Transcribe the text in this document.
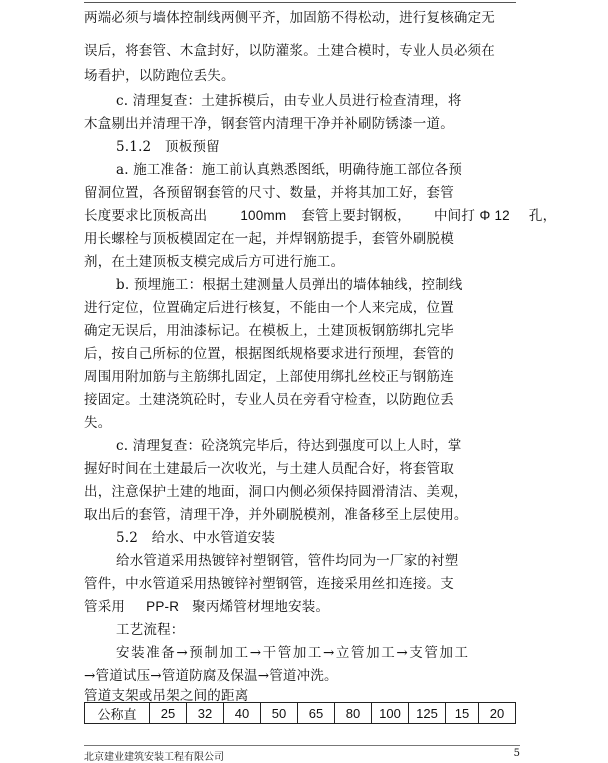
两端必须与墙体控制线两侧平齐，加固筋不得松动，进行复核确定无
误后，将套管、木盒封好，以防灌浆。土建合模时，专业人员必须在
场看护，以防跑位丢失。
c. 清理复查：土建拆模后，由专业人员进行检查清理，将
木盒剔出并清理干净，钢套管内清理干净并补刷防锈漆一道。
5.1.2　顶板预留
a. 施工准备：施工前认真熟悉图纸，明确待施工部位各预
留洞位置，各预留钢套管的尺寸、数量，并将其加工好，套管
长度要求比顶板高出 100mm 套管上要封钢板， 中间打 Φ 12 孔，
用长螺栓与顶板模固定在一起，并焊钢筋提手，套管外刷脱模
剂，在土建顶板支模完成后方可进行施工。
b. 预埋施工：根据土建测量人员弹出的墙体轴线，控制线
进行定位，位置确定后进行核复，不能由一个人来完成，位置
确定无误后，用油漆标记。在模板上，土建顶板钢筋绑扎完毕
后，按自己所标的位置，根据图纸规格要求进行预埋，套管的
周围用附加筋与主筋绑扎固定，上部使用绑扎丝校正与钢筋连
接固定。土建浇筑砼时，专业人员在旁看守检查，以防跑位丢
失。
c. 清理复查：砼浇筑完毕后，待达到强度可以上人时，掌
握好时间在土建最后一次收光，与土建人员配合好，将套管取
出，注意保护土建的地面，洞口内侧必须保持圆滑清洁、美观，
取出后的套管，清理干净，并外刷脱模剂，准备移至上层使用。
5.2　给水、中水管道安装
给水管道采用热镀锌衬塑钢管，管件均同为一厂家的衬塑
管件，中水管道采用热镀锌衬塑钢管，连接采用丝扣连接。支
管采用 PP-R 聚丙烯管材埋地安装。
工艺流程：
安装准备→预制加工→干管加工→立管加工→支管加工
→管道试压→管道防腐及保温→管道冲洗。
管道支架或吊架之间的距离
公称直	25	32	40	50	65	80	100	125	15	20
北京建业建筑安装工程有限公司	5
